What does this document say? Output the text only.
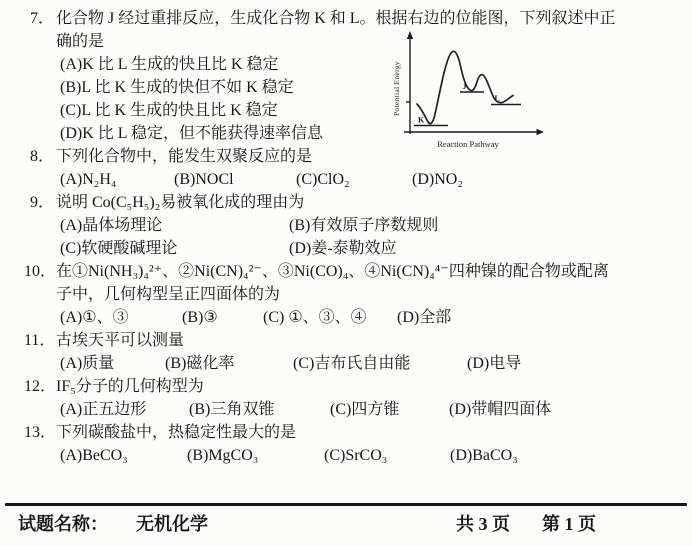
7． 化合物 J 经过重排反应，生成化合物 K 和 L。根据右边的位能图，下列叙述中正
确的是
(A)K 比 L 生成的快且比 K 稳定
(B)L 比 K 生成的快但不如 K 稳定
(C)L 比 K 生成的快且比 K 稳定
(D)K 比 L 稳定，但不能获得速率信息
8． 下列化合物中，能发生双聚反应的是
(A)N₂H₄	(B)NOCl	(C)ClO₂	(D)NO₂
9． 说明 Co(C₅H₅)₂易被氧化成的理由为
(A)晶体场理论	(B)有效原子序数规则
(C)软硬酸碱理论	(D)姜-泰勒效应
10． 在①Ni(NH₃)₄²⁺、②Ni(CN)₄²⁻、③Ni(CO)₄、④Ni(CN)₄⁴⁻四种镍的配合物或配离
子中，几何构型呈正四面体的为
(A)①、③	(B)③	(C) ①、③、④ (D)全部
11． 古埃天平可以测量
(A)质量	(B)磁化率	(C)吉布氏自由能	(D)电导
12． IF₅分子的几何构型为
(A)正五边形	(B)三角双锥	(C)四方锥	(D)带帽四面体
13． 下列碳酸盐中，热稳定性最大的是
(A)BeCO₃	(B)MgCO₃	(C)SrCO₃	(D)BaCO₃
K
J
L
Potential Energy
Reaction Pathway
试题名称： 无机化学	共 3 页 第 1 页
